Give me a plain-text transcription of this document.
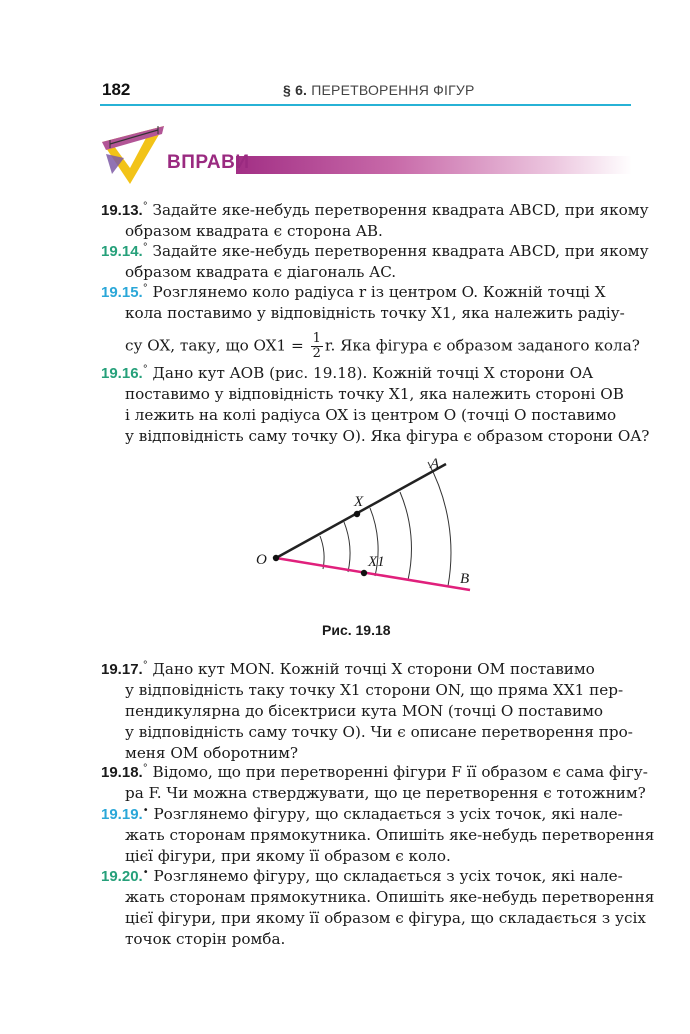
182	§ 6. ПЕРЕТВОРЕННЯ ФІГУР
ВПРАВИ
19.13.° Задайте яке-небудь перетворення квадрата ABCD, при якому
образом квадрата є сторона AB.
19.14.° Задайте яке-небудь перетворення квадрата ABCD, при якому
образом квадрата є діагональ AC.
19.15.° Розглянемо коло радіуса r із центром O. Кожній точці X
кола поставимо у відповідність точку X1, яка належить радіу-
су OX, таку, що $OX1 = \frac{1}{2} r$. Яка фігура є образом заданого кола?
19.16.° Дано кут AOB (рис. 19.18). Кожній точці X сторони OA
поставимо у відповідність точку X1, яка належить стороні OB
і лежить на колі радіуса OX із центром O (точці O поставимо
у відповідність саму точку O). Яка фігура є образом сторони OA?
A
X
O	X1
B
Рис. 19.18
19.17.° Дано кут MON. Кожній точці X сторони OM поставимо
у відповідність таку точку X1 сторони ON, що пряма XX1 пер-
пендикулярна до бісектриси кута MON (точці O поставимо
у відповідність саму точку O). Чи є описане перетворення про-
меня OM оборотним?
19.18.° Відомо, що при перетворенні фігури F її образом є сама фігу-
ра F. Чи можна стверджувати, що це перетворення є тотожним?
19.19.• Розглянемо фігуру, що складається з усіх точок, які нале-
жать сторонам прямокутника. Опишіть яке-небудь перетворення
цієї фігури, при якому її образом є коло.
19.20.• Розглянемо фігуру, що складається з усіх точок, які нале-
жать сторонам прямокутника. Опишіть яке-небудь перетворення
цієї фігури, при якому її образом є фігура, що складається з усіх
точок сторін ромба.
